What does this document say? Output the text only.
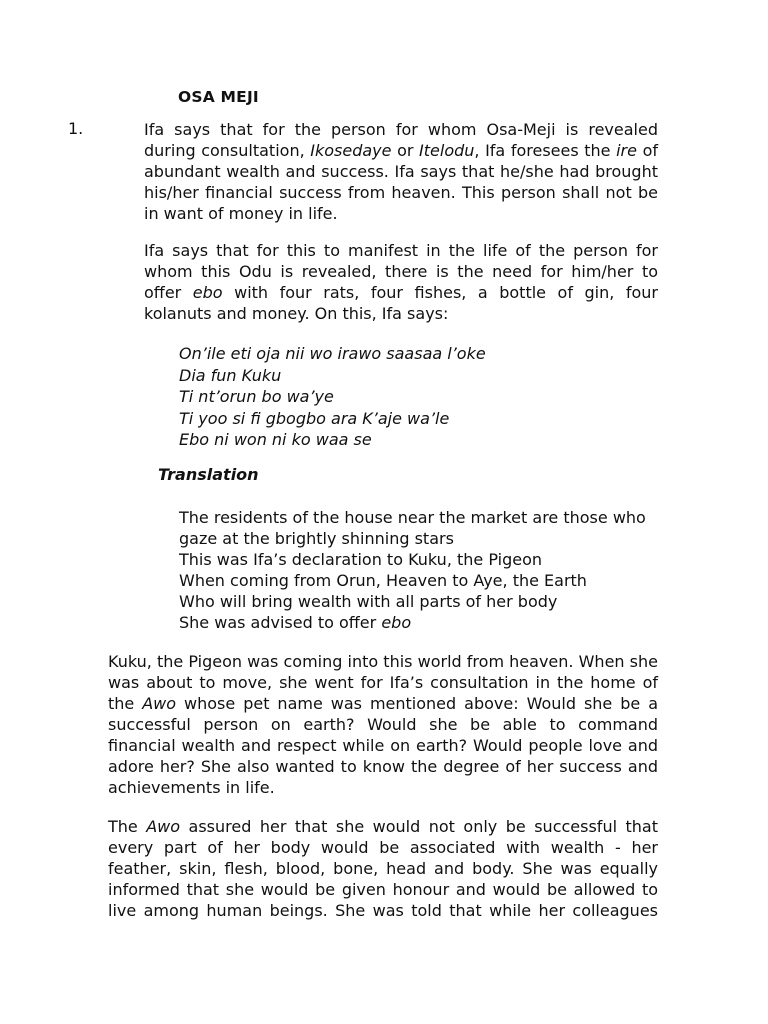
OSA MEJI
1.	Ifa says that for the person for whom Osa-Meji is revealed during consultation, Ikosedaye or Itelodu, Ifa foresees the ire of abundant wealth and success. Ifa says that he/she had brought his/her financial success from heaven. This person shall not be in want of money in life.
Ifa says that for this to manifest in the life of the person for whom this Odu is revealed, there is the need for him/her to offer ebo with four rats, four fishes, a bottle of gin, four kolanuts and money. On this, Ifa says:
On’ile eti oja nii wo irawo saasaa l’oke
Dia fun Kuku
Ti nt’orun bo wa’ye
Ti yoo si fi gbogbo ara K’aje wa’le
Ebo ni won ni ko waa se
Translation
The residents of the house near the market are those who gaze at the brightly shinning stars
This was Ifa’s declaration to Kuku, the Pigeon
When coming from Orun, Heaven to Aye, the Earth
Who will bring wealth with all parts of her body
She was advised to offer ebo
Kuku, the Pigeon was coming into this world from heaven. When she was about to move, she went for Ifa’s consultation in the home of the Awo whose pet name was mentioned above: Would she be a successful person on earth? Would she be able to command financial wealth and respect while on earth? Would people love and adore her? She also wanted to know the degree of her success and achievements in life.
The Awo assured her that she would not only be successful that every part of her body would be associated with wealth - her feather, skin, flesh, blood, bone, head and body. She was equally informed that she would be given honour and would be allowed to live among human beings. She was told that while her colleagues
